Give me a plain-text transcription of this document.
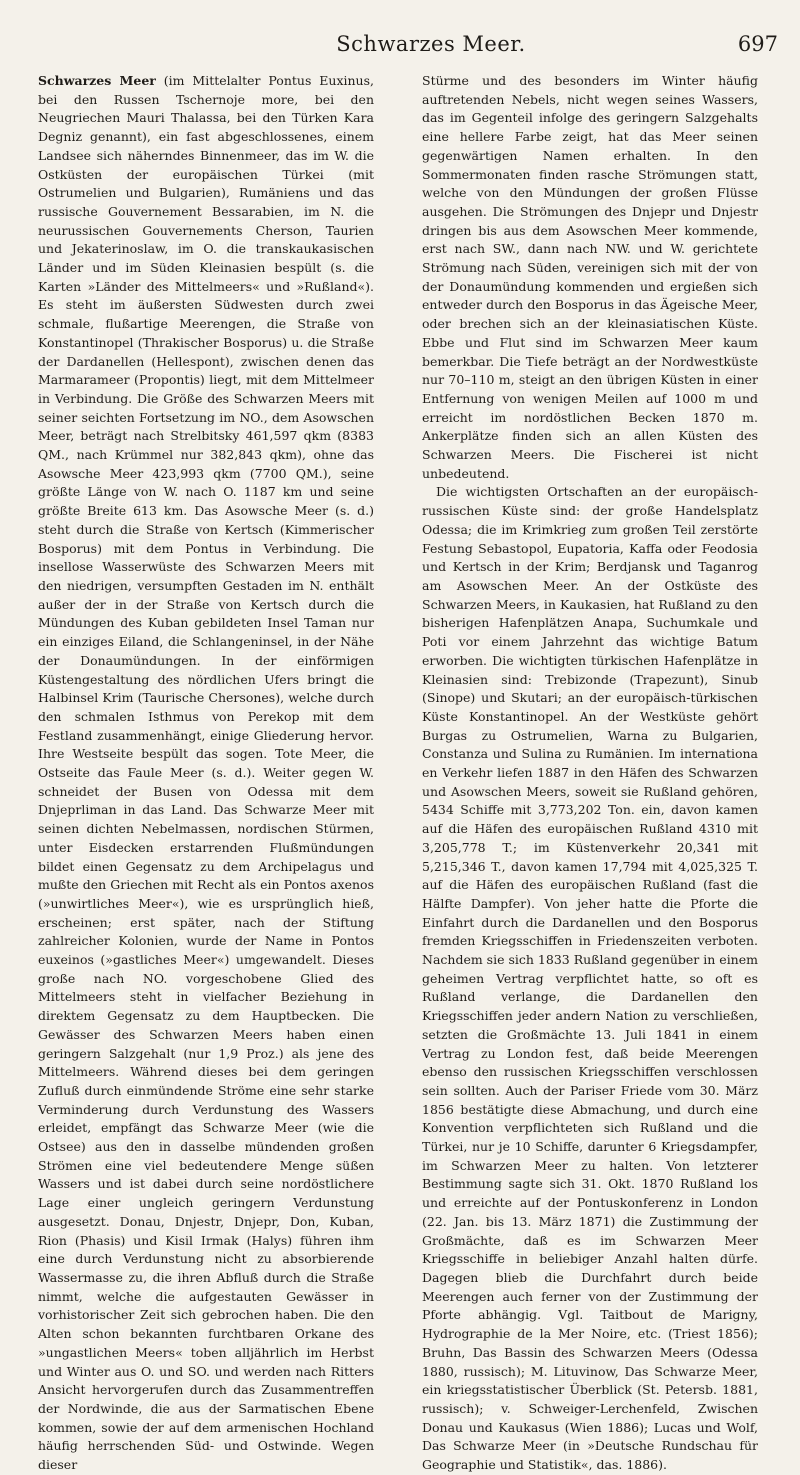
Schwarzes Meer.	697

Schwarzes Meer (im Mittelalter Pontus Euxinus, bei den Russen Tschernoje more, bei den Neugriechen Mauri Thalassa, bei den Türken Kara Degniz genannt), ein fast abgeschlossenes, einem Landsee sich näherndes Binnenmeer, das im W. die Ostküsten der europäischen Türkei (mit Ostrumelien und Bulgarien), Rumäniens und das russische Gouvernement Bessarabien, im N. die neurussischen Gouvernements Cherson, Taurien und Jekaterinoslaw, im O. die transkaukasischen Länder und im Süden Kleinasien bespült (s. die Karten »Länder des Mittelmeers« und »Rußland«). Es steht im äußersten Südwesten durch zwei schmale, flußartige Meerengen, die Straße von Konstantinopel (Thrakischer Bosporus) u. die Straße der Dardanellen (Hellespont), zwischen denen das Marmarameer (Propontis) liegt, mit dem Mittelmeer in Verbindung. Die Größe des Schwarzen Meers mit seiner seichten Fortsetzung im NO., dem Asowschen Meer, beträgt nach Strelbitsky 461,597 qkm (8383 QM., nach Krümmel nur 382,843 qkm), ohne das Asowsche Meer 423,993 qkm (7700 QM.), seine größte Länge von W. nach O. 1187 km und seine größte Breite 613 km. Das Asowsche Meer (s. d.) steht durch die Straße von Kertsch (Kimmerischer Bosporus) mit dem Pontus in Verbindung. Die insellose Wasserwüste des Schwarzen Meers mit den niedrigen, versumpften Gestaden im N. enthält außer der in der Straße von Kertsch durch die Mündungen des Kuban gebildeten Insel Taman nur ein einziges Eiland, die Schlangeninsel, in der Nähe der Donaumündungen. In der einförmigen Küstengestaltung des nördlichen Ufers bringt die Halbinsel Krim (Taurische Chersones), welche durch den schmalen Isthmus von Perekop mit dem Festland zusammenhängt, einige Gliederung hervor. Ihre Westseite bespült das sogen. Tote Meer, die Ostseite das Faule Meer (s. d.). Weiter gegen W. schneidet der Busen von Odessa mit dem Dnjeprliman in das Land. Das Schwarze Meer mit seinen dichten Nebelmassen, nordischen Stürmen, unter Eisdecken erstarrenden Flußmündungen bildet einen Gegensatz zu dem Archipelagus und mußte den Griechen mit Recht als ein Pontos axenos (»unwirtliches Meer«), wie es ursprünglich hieß, erscheinen; erst später, nach der Stiftung zahlreicher Kolonien, wurde der Name in Pontos euxeinos (»gastliches Meer«) umgewandelt. Dieses große nach NO. vorgeschobene Glied des Mittelmeers steht in vielfacher Beziehung in direktem Gegensatz zu dem Hauptbecken. Die Gewässer des Schwarzen Meers haben einen geringern Salzgehalt (nur 1,9 Proz.) als jene des Mittelmeers. Während dieses bei dem geringen Zufluß durch einmündende Ströme eine sehr starke Verminderung durch Verdunstung des Wassers erleidet, empfängt das Schwarze Meer (wie die Ostsee) aus den in dasselbe mündenden großen Strömen eine viel bedeutendere Menge süßen Wassers und ist dabei durch seine nordöstlichere Lage einer ungleich geringern Verdunstung ausgesetzt. Donau, Dnjestr, Dnjepr, Don, Kuban, Rion (Phasis) und Kisil Irmak (Halys) führen ihm eine durch Verdunstung nicht zu absorbierende Wassermasse zu, die ihren Abfluß durch die Straße nimmt, welche die aufgestauten Gewässer in vorhistorischer Zeit sich gebrochen haben. Die den Alten schon bekannten furchtbaren Orkane des »ungastlichen Meers« toben alljährlich im Herbst und Winter aus O. und SO. und werden nach Ritters Ansicht hervorgerufen durch das Zusammentreffen der Nordwinde, die aus der Sarmatischen Ebene kommen, sowie der auf dem armenischen Hochland häufig herrschenden Süd- und Ostwinde. Wegen dieser

Stürme und des besonders im Winter häufig auftretenden Nebels, nicht wegen seines Wassers, das im Gegenteil infolge des geringern Salzgehalts eine hellere Farbe zeigt, hat das Meer seinen gegenwärtigen Namen erhalten. In den Sommermonaten finden rasche Strömungen statt, welche von den Mündungen der großen Flüsse ausgehen. Die Strömungen des Dnjepr und Dnjestr dringen bis aus dem Asowschen Meer kommende, erst nach SW., dann nach NW. und W. gerichtete Strömung nach Süden, vereinigen sich mit der von der Donaumündung kommenden und ergießen sich entweder durch den Bosporus in das Ägeische Meer, oder brechen sich an der kleinasiatischen Küste. Ebbe und Flut sind im Schwarzen Meer kaum bemerkbar. Die Tiefe beträgt an der Nordwestküste nur 70–110 m, steigt an den übrigen Küsten in einer Entfernung von wenigen Meilen auf 1000 m und erreicht im nordöstlichen Becken 1870 m. Ankerplätze finden sich an allen Küsten des Schwarzen Meers. Die Fischerei ist nicht unbedeutend.

Die wichtigsten Ortschaften an der europäisch-russischen Küste sind: der große Handelsplatz Odessa; die im Krimkrieg zum großen Teil zerstörte Festung Sebastopol, Eupatoria, Kaffa oder Feodosia und Kertsch in der Krim; Berdjansk und Taganrog am Asowschen Meer. An der Ostküste des Schwarzen Meers, in Kaukasien, hat Rußland zu den bisherigen Hafenplätzen Anapa, Suchumkale und Poti vor einem Jahrzehnt das wichtige Batum erworben. Die wichtigten türkischen Hafenplätze in Kleinasien sind: Trebizonde (Trapezunt), Sinub (Sinope) und Skutari; an der europäisch-türkischen Küste Konstantinopel. An der Westküste gehört Burgas zu Ostrumelien, Warna zu Bulgarien, Constanza und Sulina zu Rumänien. Im internationa en Verkehr liefen 1887 in den Häfen des Schwarzen und Asowschen Meers, soweit sie Rußland gehören, 5434 Schiffe mit 3,773,202 Ton. ein, davon kamen auf die Häfen des europäischen Rußland 4310 mit 3,205,778 T.; im Küstenverkehr 20,341 mit 5,215,346 T., davon kamen 17,794 mit 4,025,325 T. auf die Häfen des europäischen Rußland (fast die Hälfte Dampfer). Von jeher hatte die Pforte die Einfahrt durch die Dardanellen und den Bosporus fremden Kriegsschiffen in Friedenszeiten verboten. Nachdem sie sich 1833 Rußland gegenüber in einem geheimen Vertrag verpflichtet hatte, so oft es Rußland verlange, die Dardanellen den Kriegsschiffen jeder andern Nation zu verschließen, setzten die Großmächte 13. Juli 1841 in einem Vertrag zu London fest, daß beide Meerengen ebenso den russischen Kriegsschiffen verschlossen sein sollten. Auch der Pariser Friede vom 30. März 1856 bestätigte diese Abmachung, und durch eine Konvention verpflichteten sich Rußland und die Türkei, nur je 10 Schiffe, darunter 6 Kriegsdampfer, im Schwarzen Meer zu halten. Von letzterer Bestimmung sagte sich 31. Okt. 1870 Rußland los und erreichte auf der Pontuskonferenz in London (22. Jan. bis 13. März 1871) die Zustimmung der Großmächte, daß es im Schwarzen Meer Kriegsschiffe in beliebiger Anzahl halten dürfe. Dagegen blieb die Durchfahrt durch beide Meerengen auch ferner von der Zustimmung der Pforte abhängig. Vgl. Taitbout de Marigny, Hydrographie de la Mer Noire, etc. (Triest 1856); Bruhn, Das Bassin des Schwarzen Meers (Odessa 1880, russisch); M. Lituvinow, Das Schwarze Meer, ein kriegsstatistischer Überblick (St. Petersb. 1881, russisch); v. Schweiger-Lerchenfeld, Zwischen Donau und Kaukasus (Wien 1886); Lucas und Wolf, Das Schwarze Meer (in »Deutsche Rundschau für Geographie und Statistik«, das. 1886).
